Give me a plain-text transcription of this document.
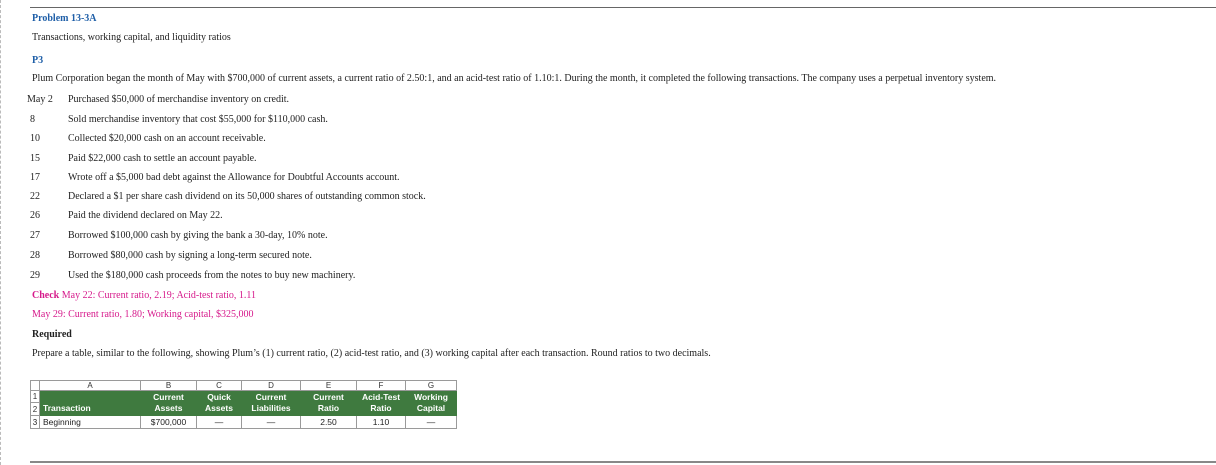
Problem 13-3A
Transactions, working capital, and liquidity ratios
P3
Plum Corporation began the month of May with $700,000 of current assets, a current ratio of 2.50:1, and an acid-test ratio of 1.10:1. During the month, it completed the following transactions. The company uses a perpetual inventory system.
May 2 Purchased $50,000 of merchandise inventory on credit.
8	Sold merchandise inventory that cost $55,000 for $110,000 cash.
10	Collected $20,000 cash on an account receivable.
15	Paid $22,000 cash to settle an account payable.
17	Wrote off a $5,000 bad debt against the Allowance for Doubtful Accounts account.
22	Declared a $1 per share cash dividend on its 50,000 shares of outstanding common stock.
26	Paid the dividend declared on May 22.
27	Borrowed $100,000 cash by giving the bank a 30-day, 10% note.
28	Borrowed $80,000 cash by signing a long-term secured note.
29	Used the $180,000 cash proceeds from the notes to buy new machinery.
Check May 22: Current ratio, 2.19; Acid-test ratio, 1.11
May 29: Current ratio, 1.80; Working capital, $325,000
Required
Prepare a table, similar to the following, showing Plum’s (1) current ratio, (2) acid-test ratio, and (3) working capital after each transaction. Round ratios to two decimals.
	A	B	C	D	E	F	G
1		Current	Quick	Current	Current	Acid-Test	Working
2	Transaction	Assets	Assets	Liabilities	Ratio	Ratio	Capital
3	Beginning	$700,000	—	—	2.50	1.10	—
